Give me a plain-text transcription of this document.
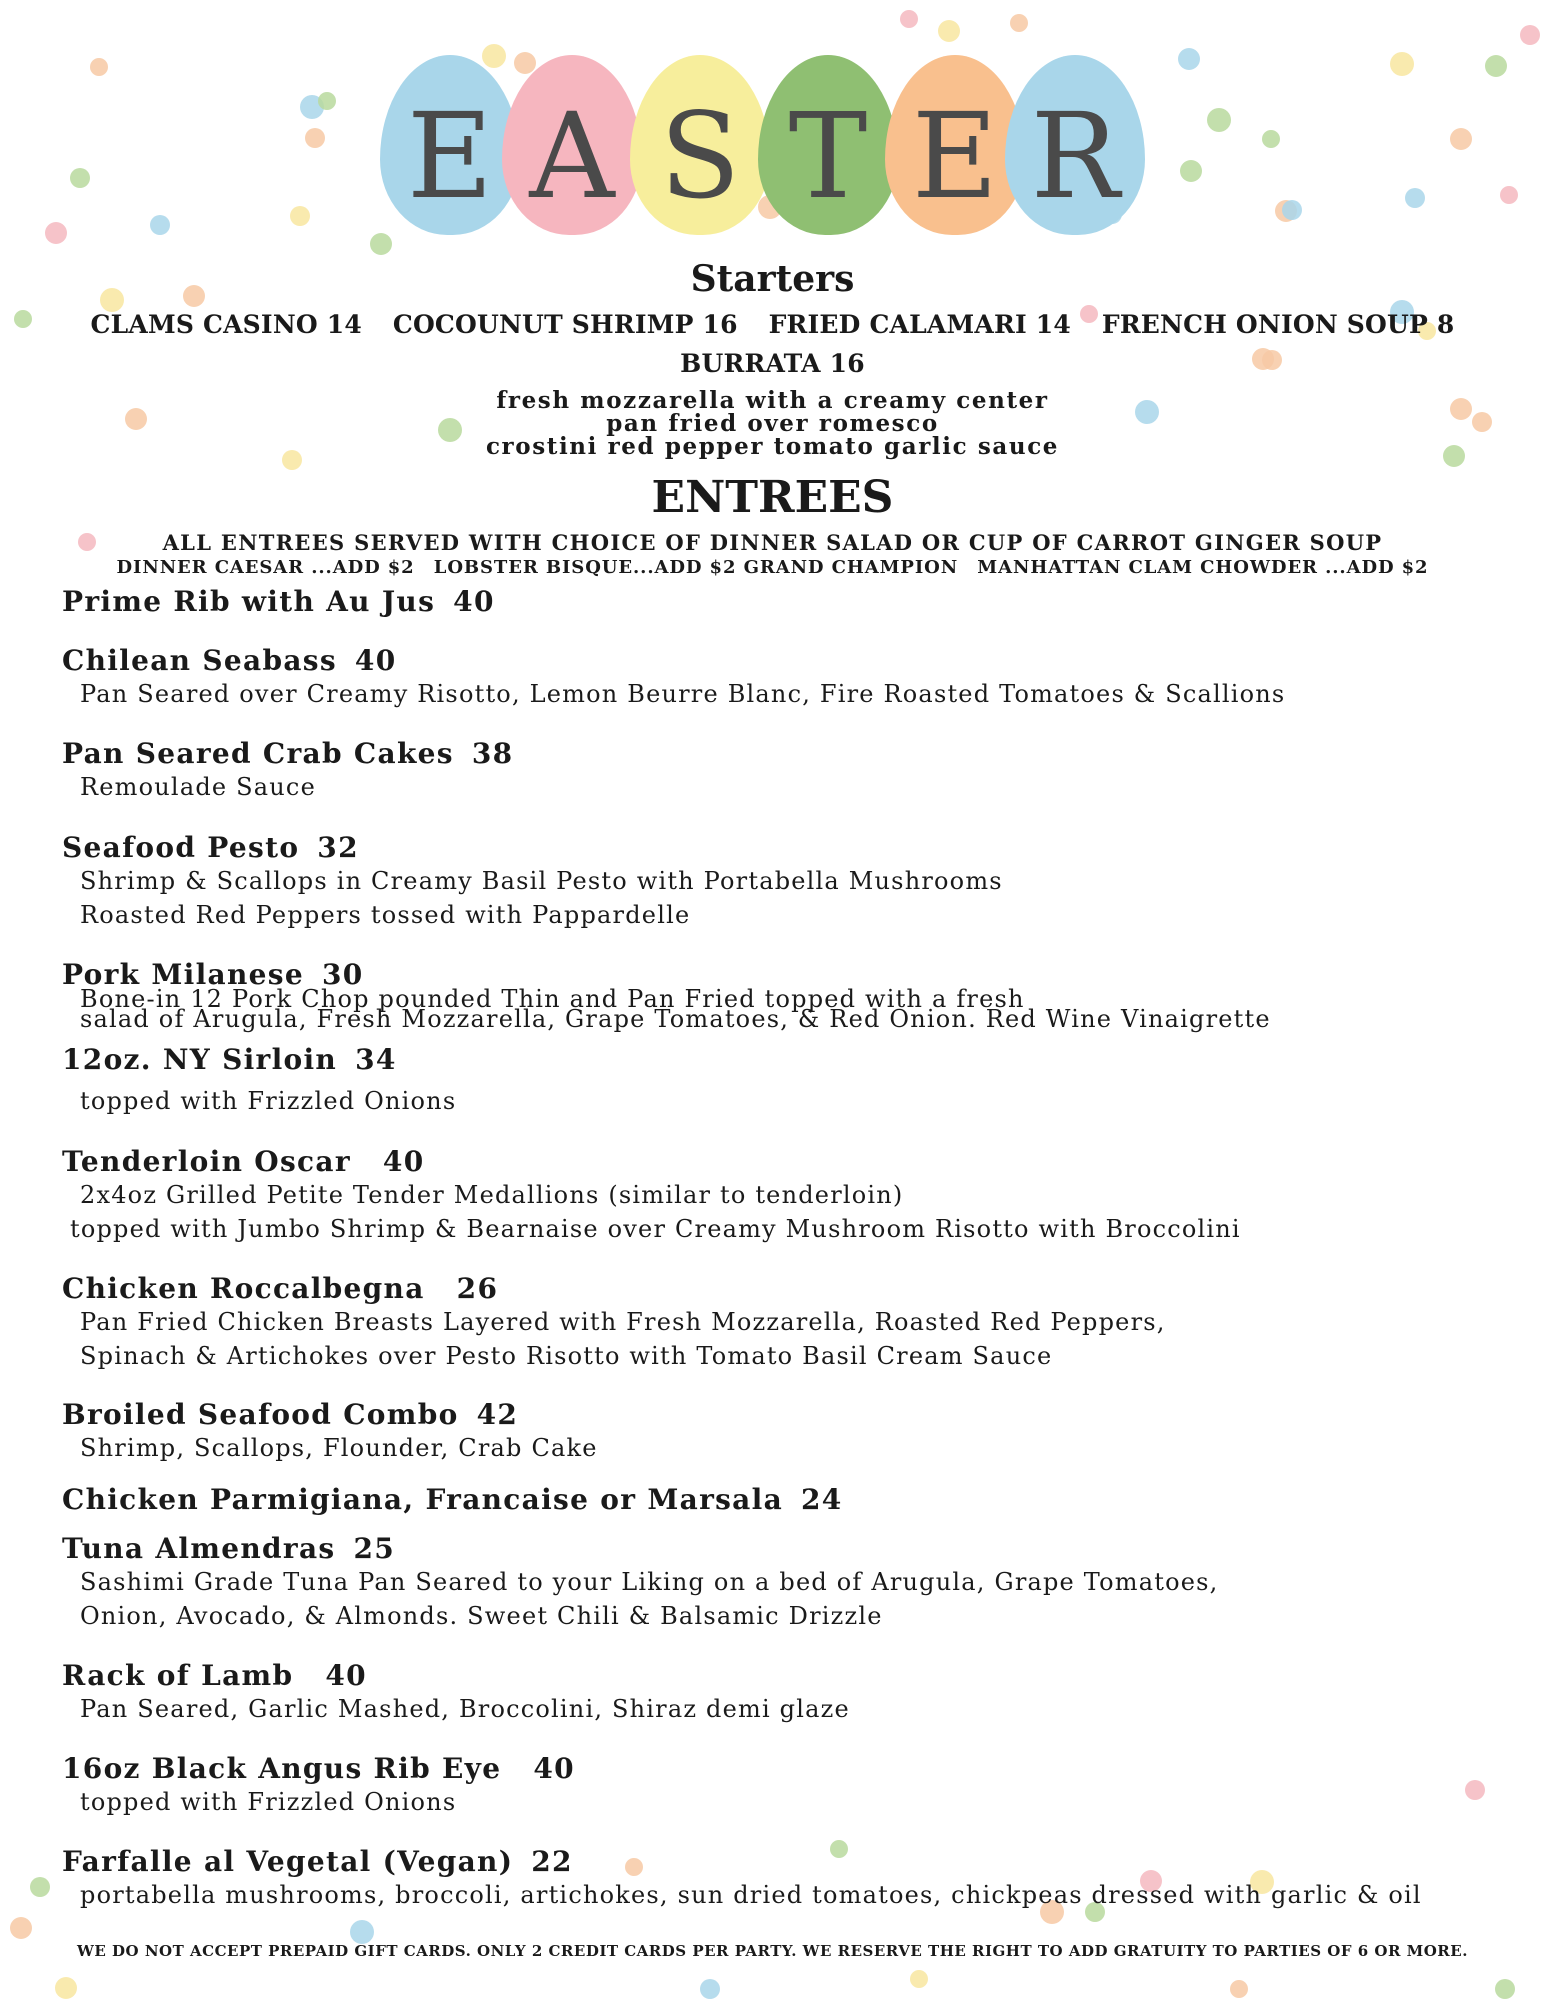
E A S T E R
Starters
CLAMS CASINO 14 COCOUNUT SHRIMP 16 FRIED CALAMARI 14 FRENCH ONION SOUP 8
BURRATA 16
fresh mozzarella with a creamy center
pan fried over romesco
crostini red pepper tomato garlic sauce
ENTREES
ALL ENTREES SERVED WITH CHOICE OF DINNER SALAD OR CUP OF CARROT GINGER SOUP
DINNER CAESAR ...ADD $2 LOBSTER BISQUE...ADD $2 GRAND CHAMPION MANHATTAN CLAM CHOWDER ...ADD $2
Prime Rib with Au Jus 40
Chilean Seabass 40
Pan Seared over Creamy Risotto, Lemon Beurre Blanc, Fire Roasted Tomatoes & Scallions
Pan Seared Crab Cakes 38
Remoulade Sauce
Seafood Pesto 32
Shrimp & Scallops in Creamy Basil Pesto with Portabella Mushrooms
Roasted Red Peppers tossed with Pappardelle
Pork Milanese 30
Bone-in 12 Pork Chop pounded Thin and Pan Fried topped with a fresh
salad of Arugula, Fresh Mozzarella, Grape Tomatoes, & Red Onion. Red Wine Vinaigrette
12oz. NY Sirloin 34
topped with Frizzled Onions
Tenderloin Oscar 40
2x4oz Grilled Petite Tender Medallions (similar to tenderloin)
topped with Jumbo Shrimp & Bearnaise over Creamy Mushroom Risotto with Broccolini
Chicken Roccalbegna 26
Pan Fried Chicken Breasts Layered with Fresh Mozzarella, Roasted Red Peppers,
Spinach & Artichokes over Pesto Risotto with Tomato Basil Cream Sauce
Broiled Seafood Combo 42
Shrimp, Scallops, Flounder, Crab Cake
Chicken Parmigiana, Francaise or Marsala 24
Tuna Almendras 25
Sashimi Grade Tuna Pan Seared to your Liking on a bed of Arugula, Grape Tomatoes,
Onion, Avocado, & Almonds. Sweet Chili & Balsamic Drizzle
Rack of Lamb 40
Pan Seared, Garlic Mashed, Broccolini, Shiraz demi glaze
16oz Black Angus Rib Eye 40
topped with Frizzled Onions
Farfalle al Vegetal (Vegan) 22
portabella mushrooms, broccoli, artichokes, sun dried tomatoes, chickpeas dressed with garlic & oil
WE DO NOT ACCEPT PREPAID GIFT CARDS. ONLY 2 CREDIT CARDS PER PARTY. WE RESERVE THE RIGHT TO ADD GRATUITY TO PARTIES OF 6 OR MORE.
